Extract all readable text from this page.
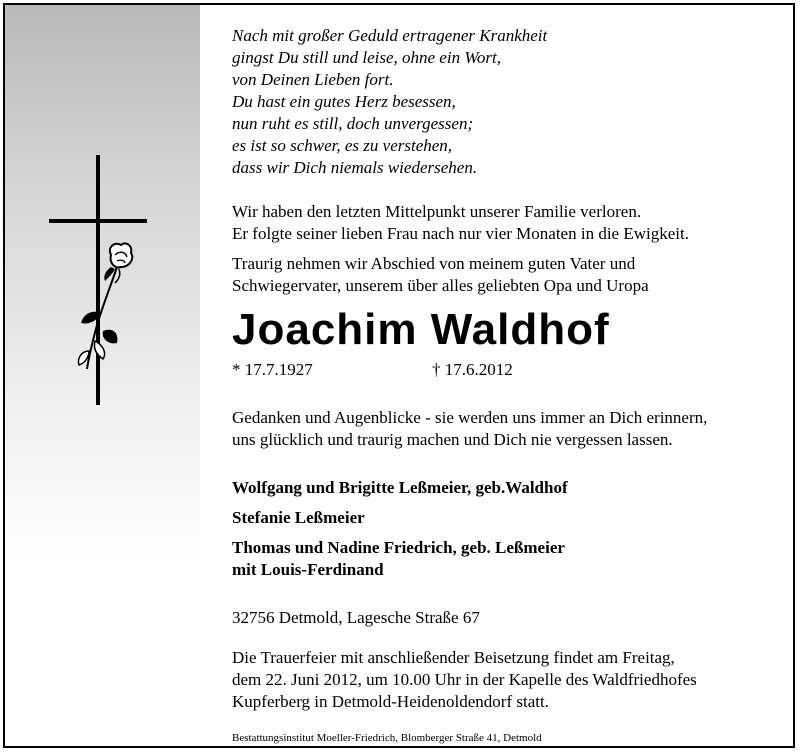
Nach mit großer Geduld ertragener Krankheit
gingst Du still und leise, ohne ein Wort,
von Deinen Lieben fort.
Du hast ein gutes Herz besessen,
nun ruht es still, doch unvergessen;
es ist so schwer, es zu verstehen,
dass wir Dich niemals wiedersehen.
Wir haben den letzten Mittelpunkt unserer Familie verloren.
Er folgte seiner lieben Frau nach nur vier Monaten in die Ewigkeit.
Traurig nehmen wir Abschied von meinem guten Vater und
Schwiegervater, unserem über alles geliebten Opa und Uropa
Joachim Waldhof
* 17.7.1927	† 17.6.2012
Gedanken und Augenblicke - sie werden uns immer an Dich erinnern,
uns glücklich und traurig machen und Dich nie vergessen lassen.
Wolfgang und Brigitte Leßmeier, geb.Waldhof
Stefanie Leßmeier
Thomas und Nadine Friedrich, geb. Leßmeier
mit Louis-Ferdinand
32756 Detmold, Lagesche Straße 67
Die Trauerfeier mit anschließender Beisetzung findet am Freitag,
dem 22. Juni 2012, um 10.00 Uhr in der Kapelle des Waldfriedhofes
Kupferberg in Detmold-Heidenoldendorf statt.
Bestattungsinstitut Moeller-Friedrich, Blomberger Straße 41, Detmold
